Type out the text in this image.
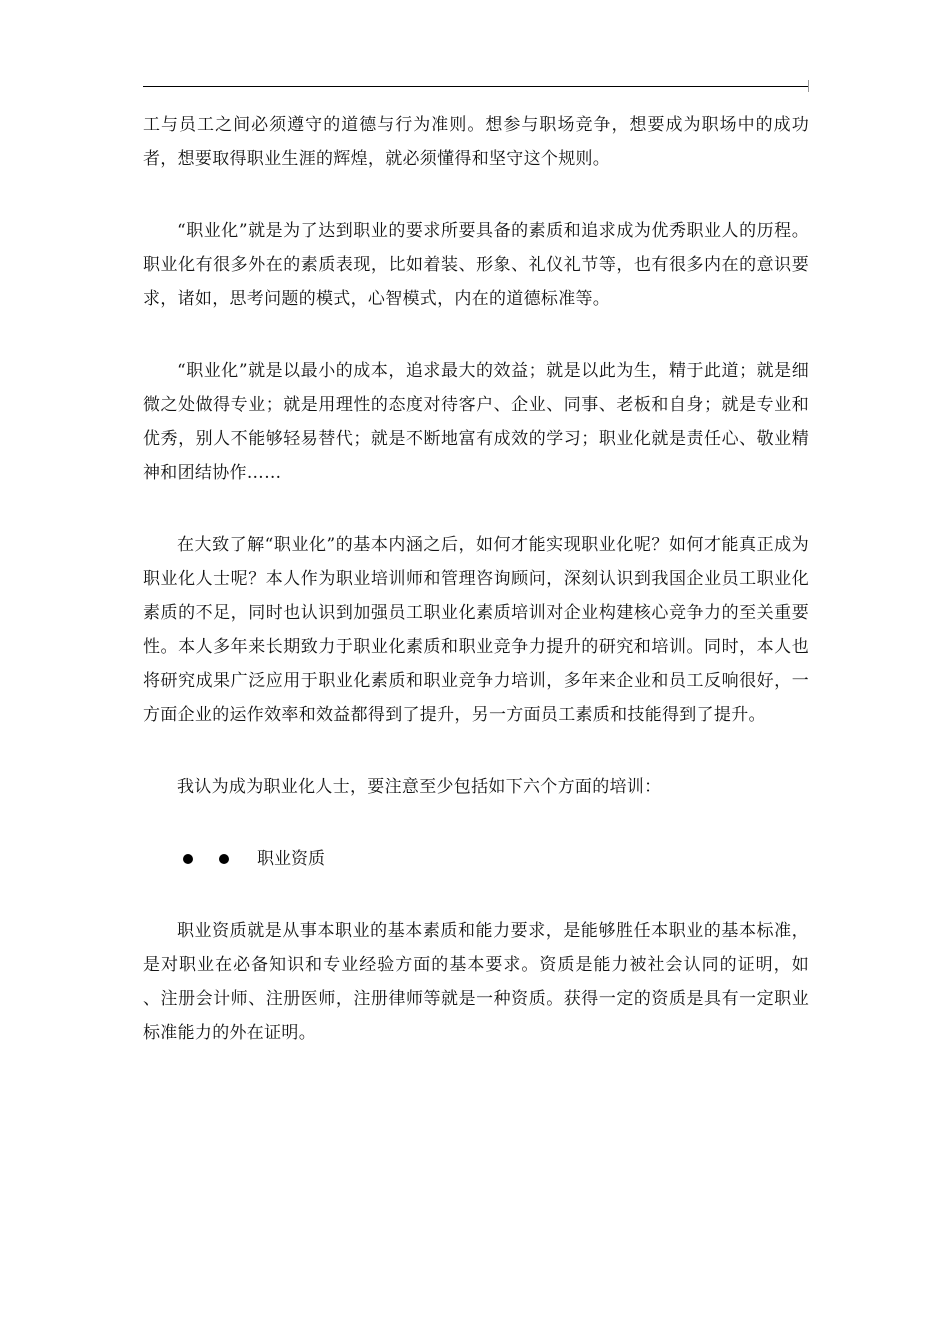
工与员工之间必须遵守的道德与行为准则。想参与职场竞争，想要成为职场中的成功者，想要取得职业生涯的辉煌，就必须懂得和坚守这个规则。

“职业化”就是为了达到职业的要求所要具备的素质和追求成为优秀职业人的历程。职业化有很多外在的素质表现，比如着装、形象、礼仪礼节等，也有很多内在的意识要求，诸如，思考问题的模式，心智模式，内在的道德标准等。

“职业化”就是以最小的成本，追求最大的效益；就是以此为生，精于此道；就是细微之处做得专业；就是用理性的态度对待客户、企业、同事、老板和自身；就是专业和优秀，别人不能够轻易替代；就是不断地富有成效的学习；职业化就是责任心、敬业精神和团结协作……

在大致了解“职业化”的基本内涵之后，如何才能实现职业化呢？如何才能真正成为职业化人士呢？本人作为职业培训师和管理咨询顾问，深刻认识到我国企业员工职业化素质的不足，同时也认识到加强员工职业化素质培训对企业构建核心竞争力的至关重要性。本人多年来长期致力于职业化素质和职业竞争力提升的研究和培训。同时，本人也将研究成果广泛应用于职业化素质和职业竞争力培训，多年来企业和员工反响很好，一方面企业的运作效率和效益都得到了提升，另一方面员工素质和技能得到了提升。

我认为成为职业化人士，要注意至少包括如下六个方面的培训：

职业资质

职业资质就是从事本职业的基本素质和能力要求，是能够胜任本职业的基本标准，是对职业在必备知识和专业经验方面的基本要求。资质是能力被社会认同的证明，如　　、注册会计师、注册医师，注册律师等就是一种资质。获得一定的资质是具有一定职业标准能力的外在证明。
